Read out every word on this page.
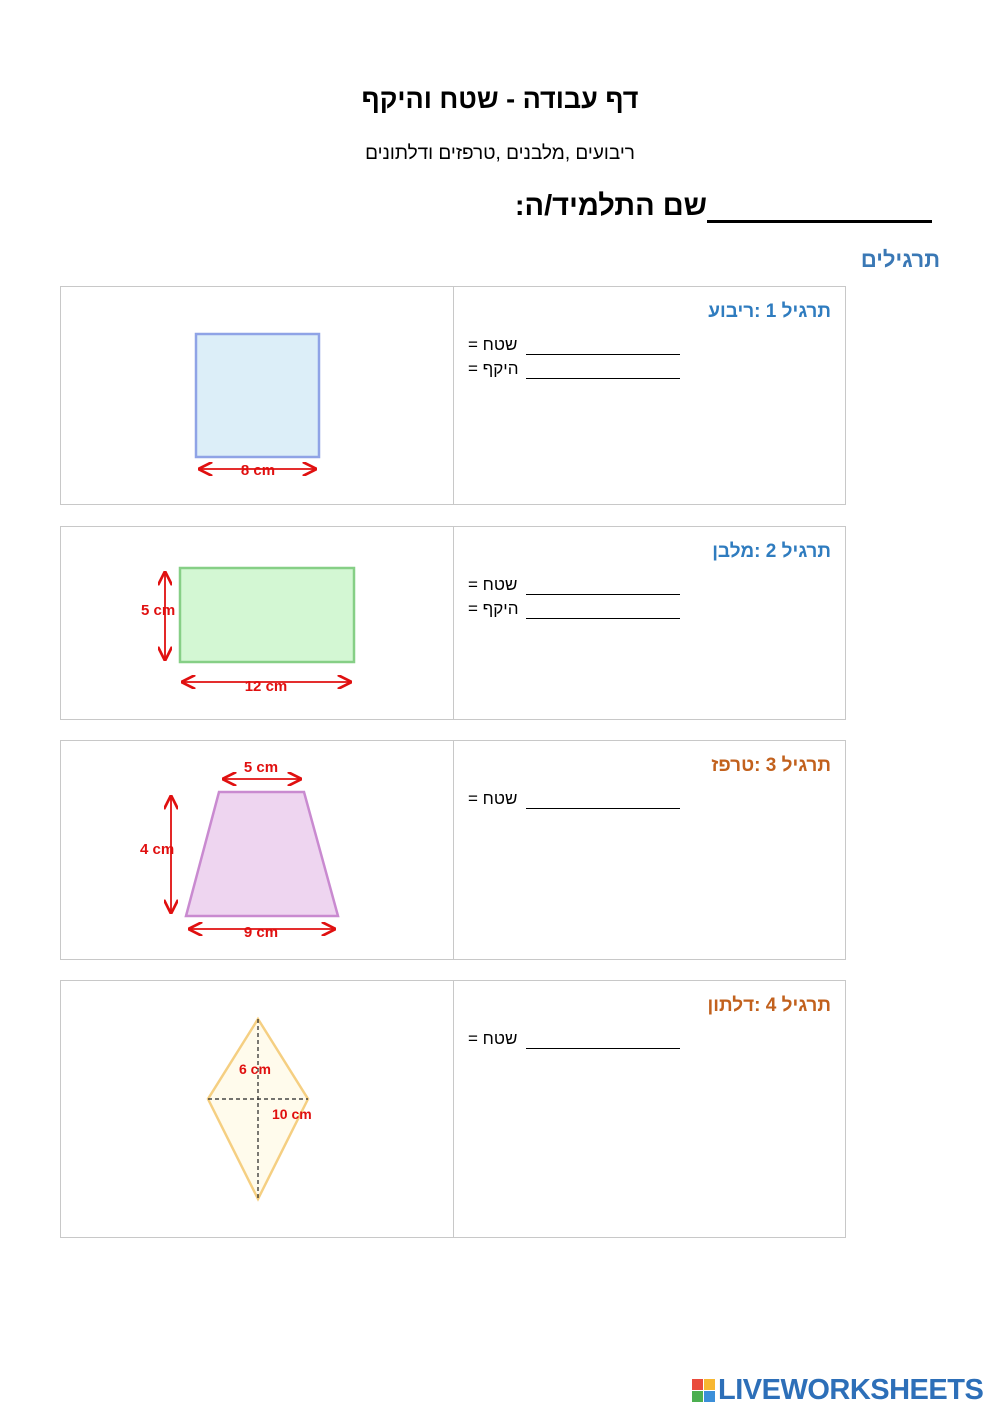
דף עבודה - שטח והיקף
ריבועים ,מלבנים ,טרפזים ודלתונים
שם התלמיד/ה:
תרגילים
8 cm
תרגיל 1 :ריבוע
= שטח
= היקף
5 cm
12 cm
תרגיל 2 :מלבן
= שטח
= היקף
5 cm
4 cm
9 cm
תרגיל 3 :טרפז
= שטח
6 cm
10 cm
תרגיל 4 :דלתון
= שטח
LIVEWORKSHEETS
